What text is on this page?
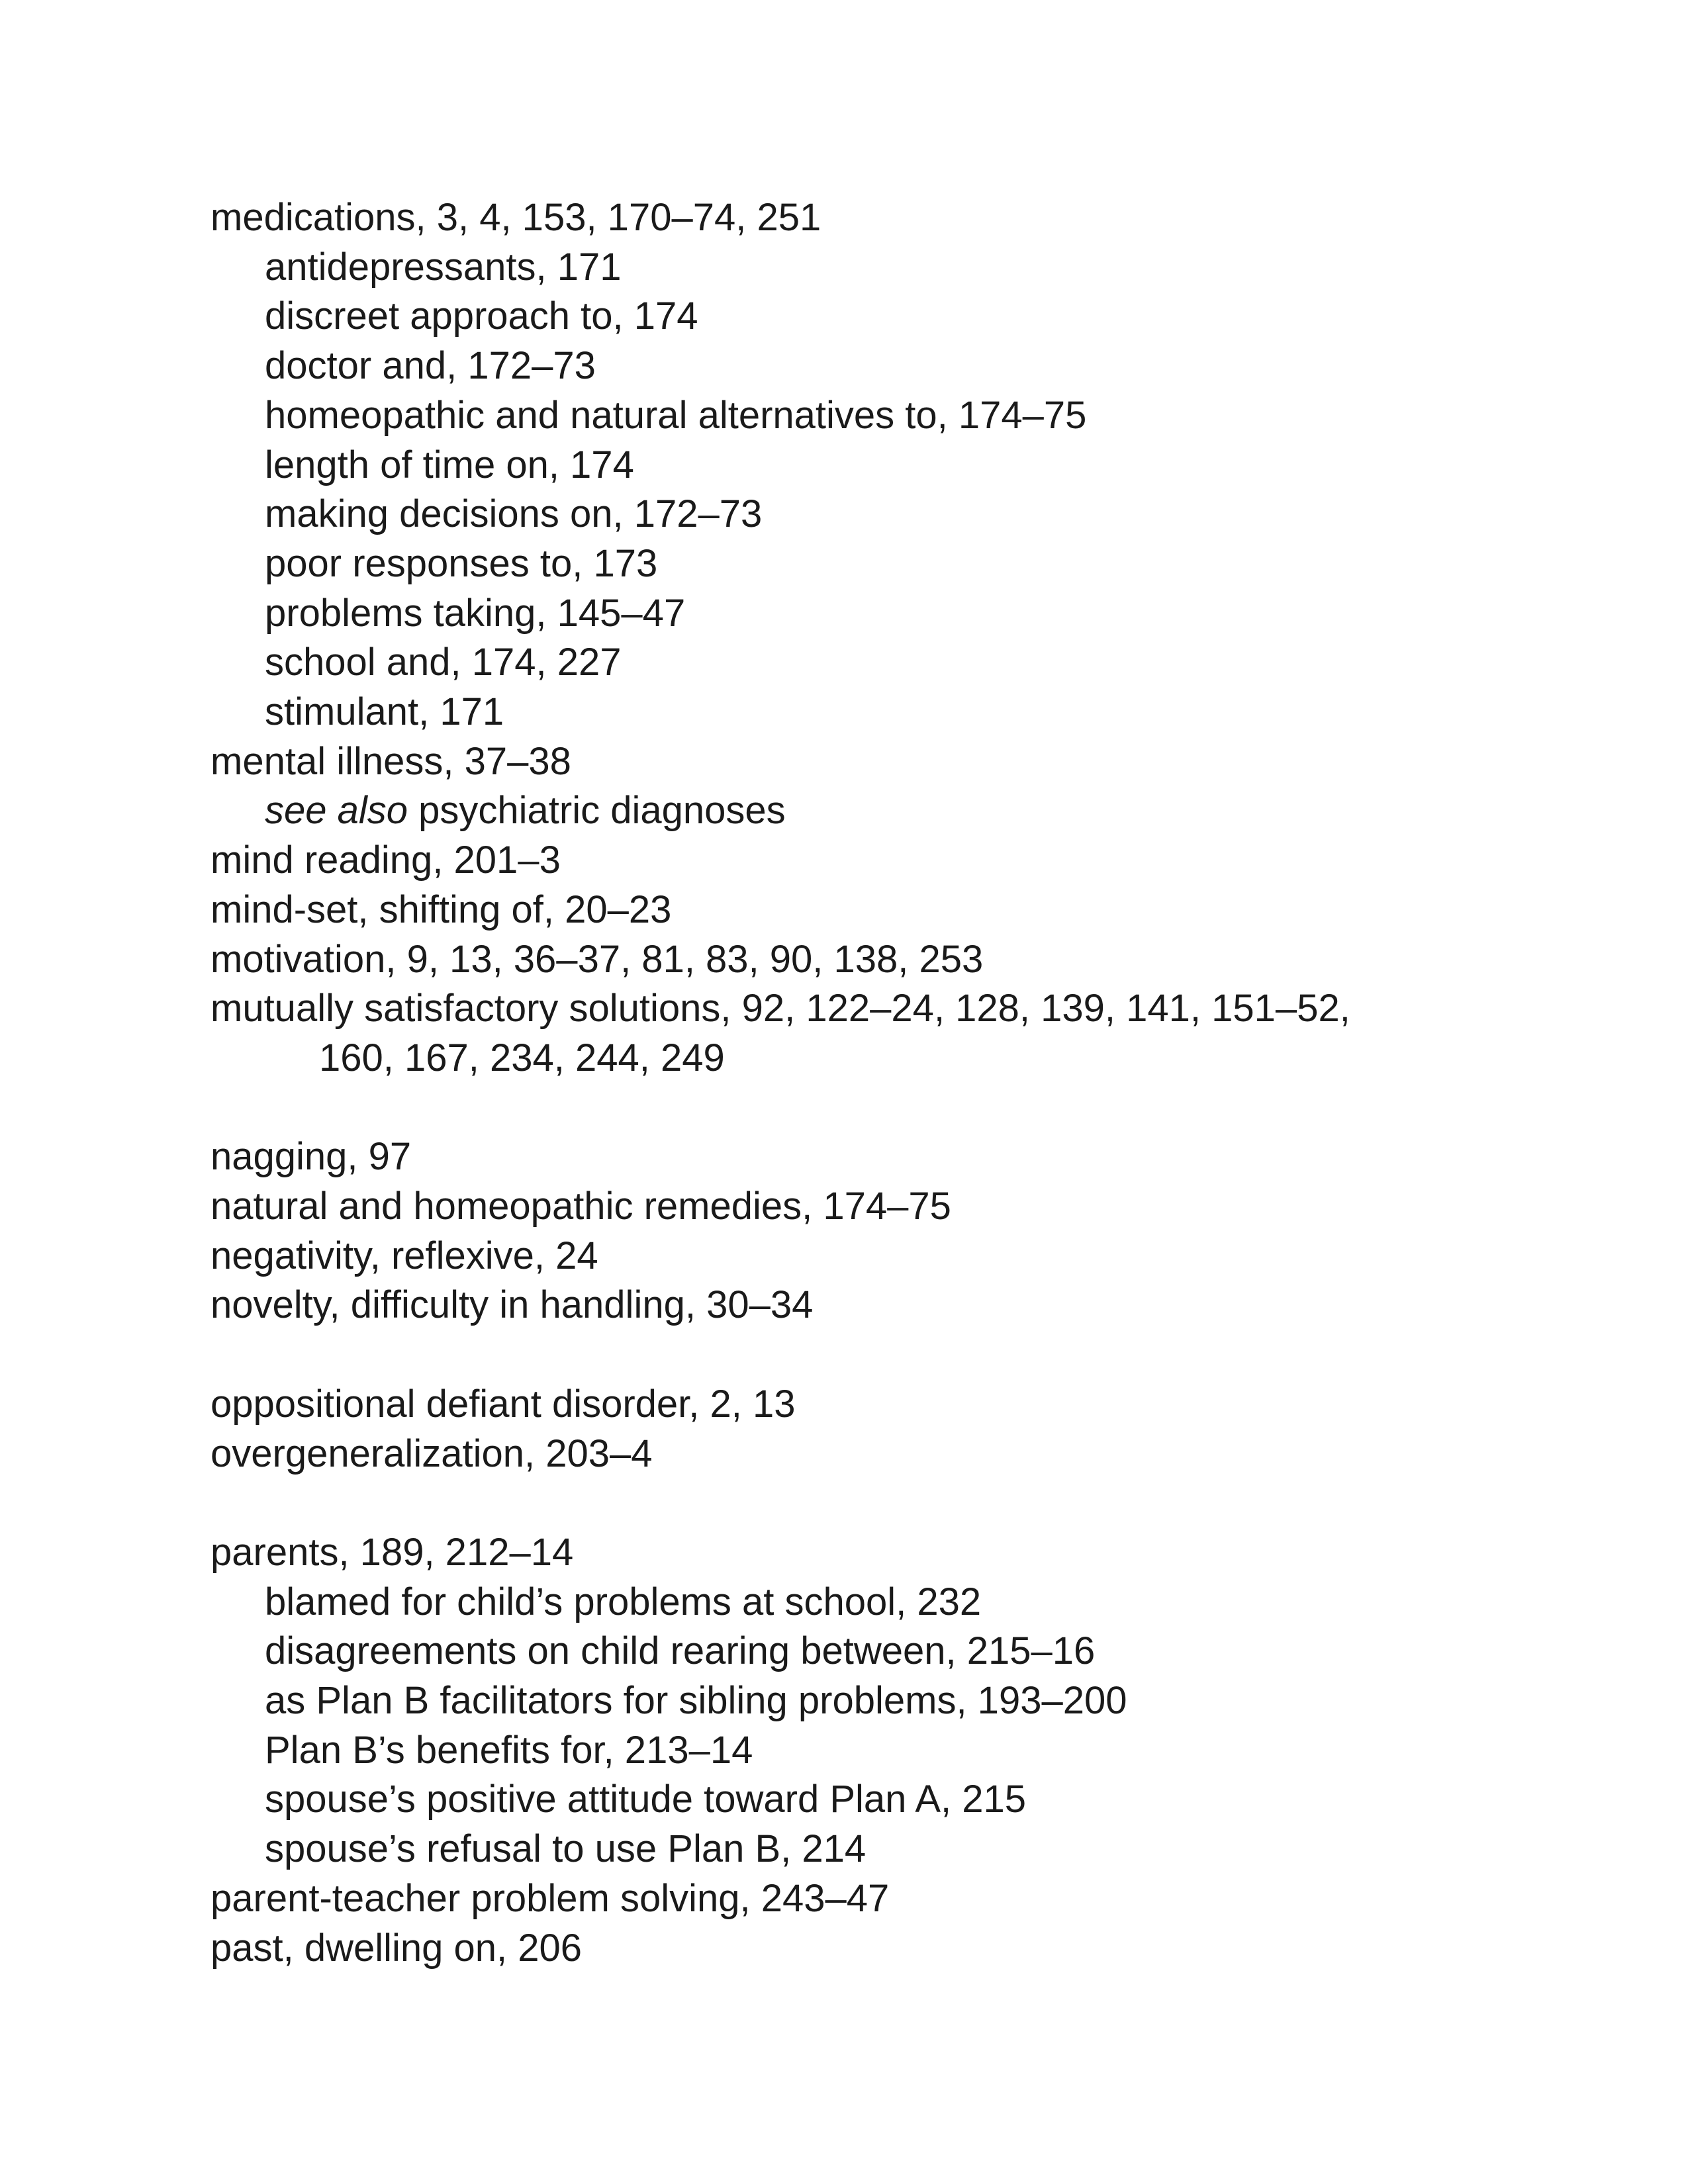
medications, 3, 4, 153, 170–74, 251
antidepressants, 171
discreet approach to, 174
doctor and, 172–73
homeopathic and natural alternatives to, 174–75
length of time on, 174
making decisions on, 172–73
poor responses to, 173
problems taking, 145–47
school and, 174, 227
stimulant, 171
mental illness, 37–38
see also psychiatric diagnoses
mind reading, 201–3
mind-set, shifting of, 20–23
motivation, 9, 13, 36–37, 81, 83, 90, 138, 253
mutually satisfactory solutions, 92, 122–24, 128, 139, 141, 151–52,
160, 167, 234, 244, 249
nagging, 97
natural and homeopathic remedies, 174–75
negativity, reflexive, 24
novelty, difficulty in handling, 30–34
oppositional defiant disorder, 2, 13
overgeneralization, 203–4
parents, 189, 212–14
blamed for child’s problems at school, 232
disagreements on child rearing between, 215–16
as Plan B facilitators for sibling problems, 193–200
Plan B’s benefits for, 213–14
spouse’s positive attitude toward Plan A, 215
spouse’s refusal to use Plan B, 214
parent-teacher problem solving, 243–47
past, dwelling on, 206
